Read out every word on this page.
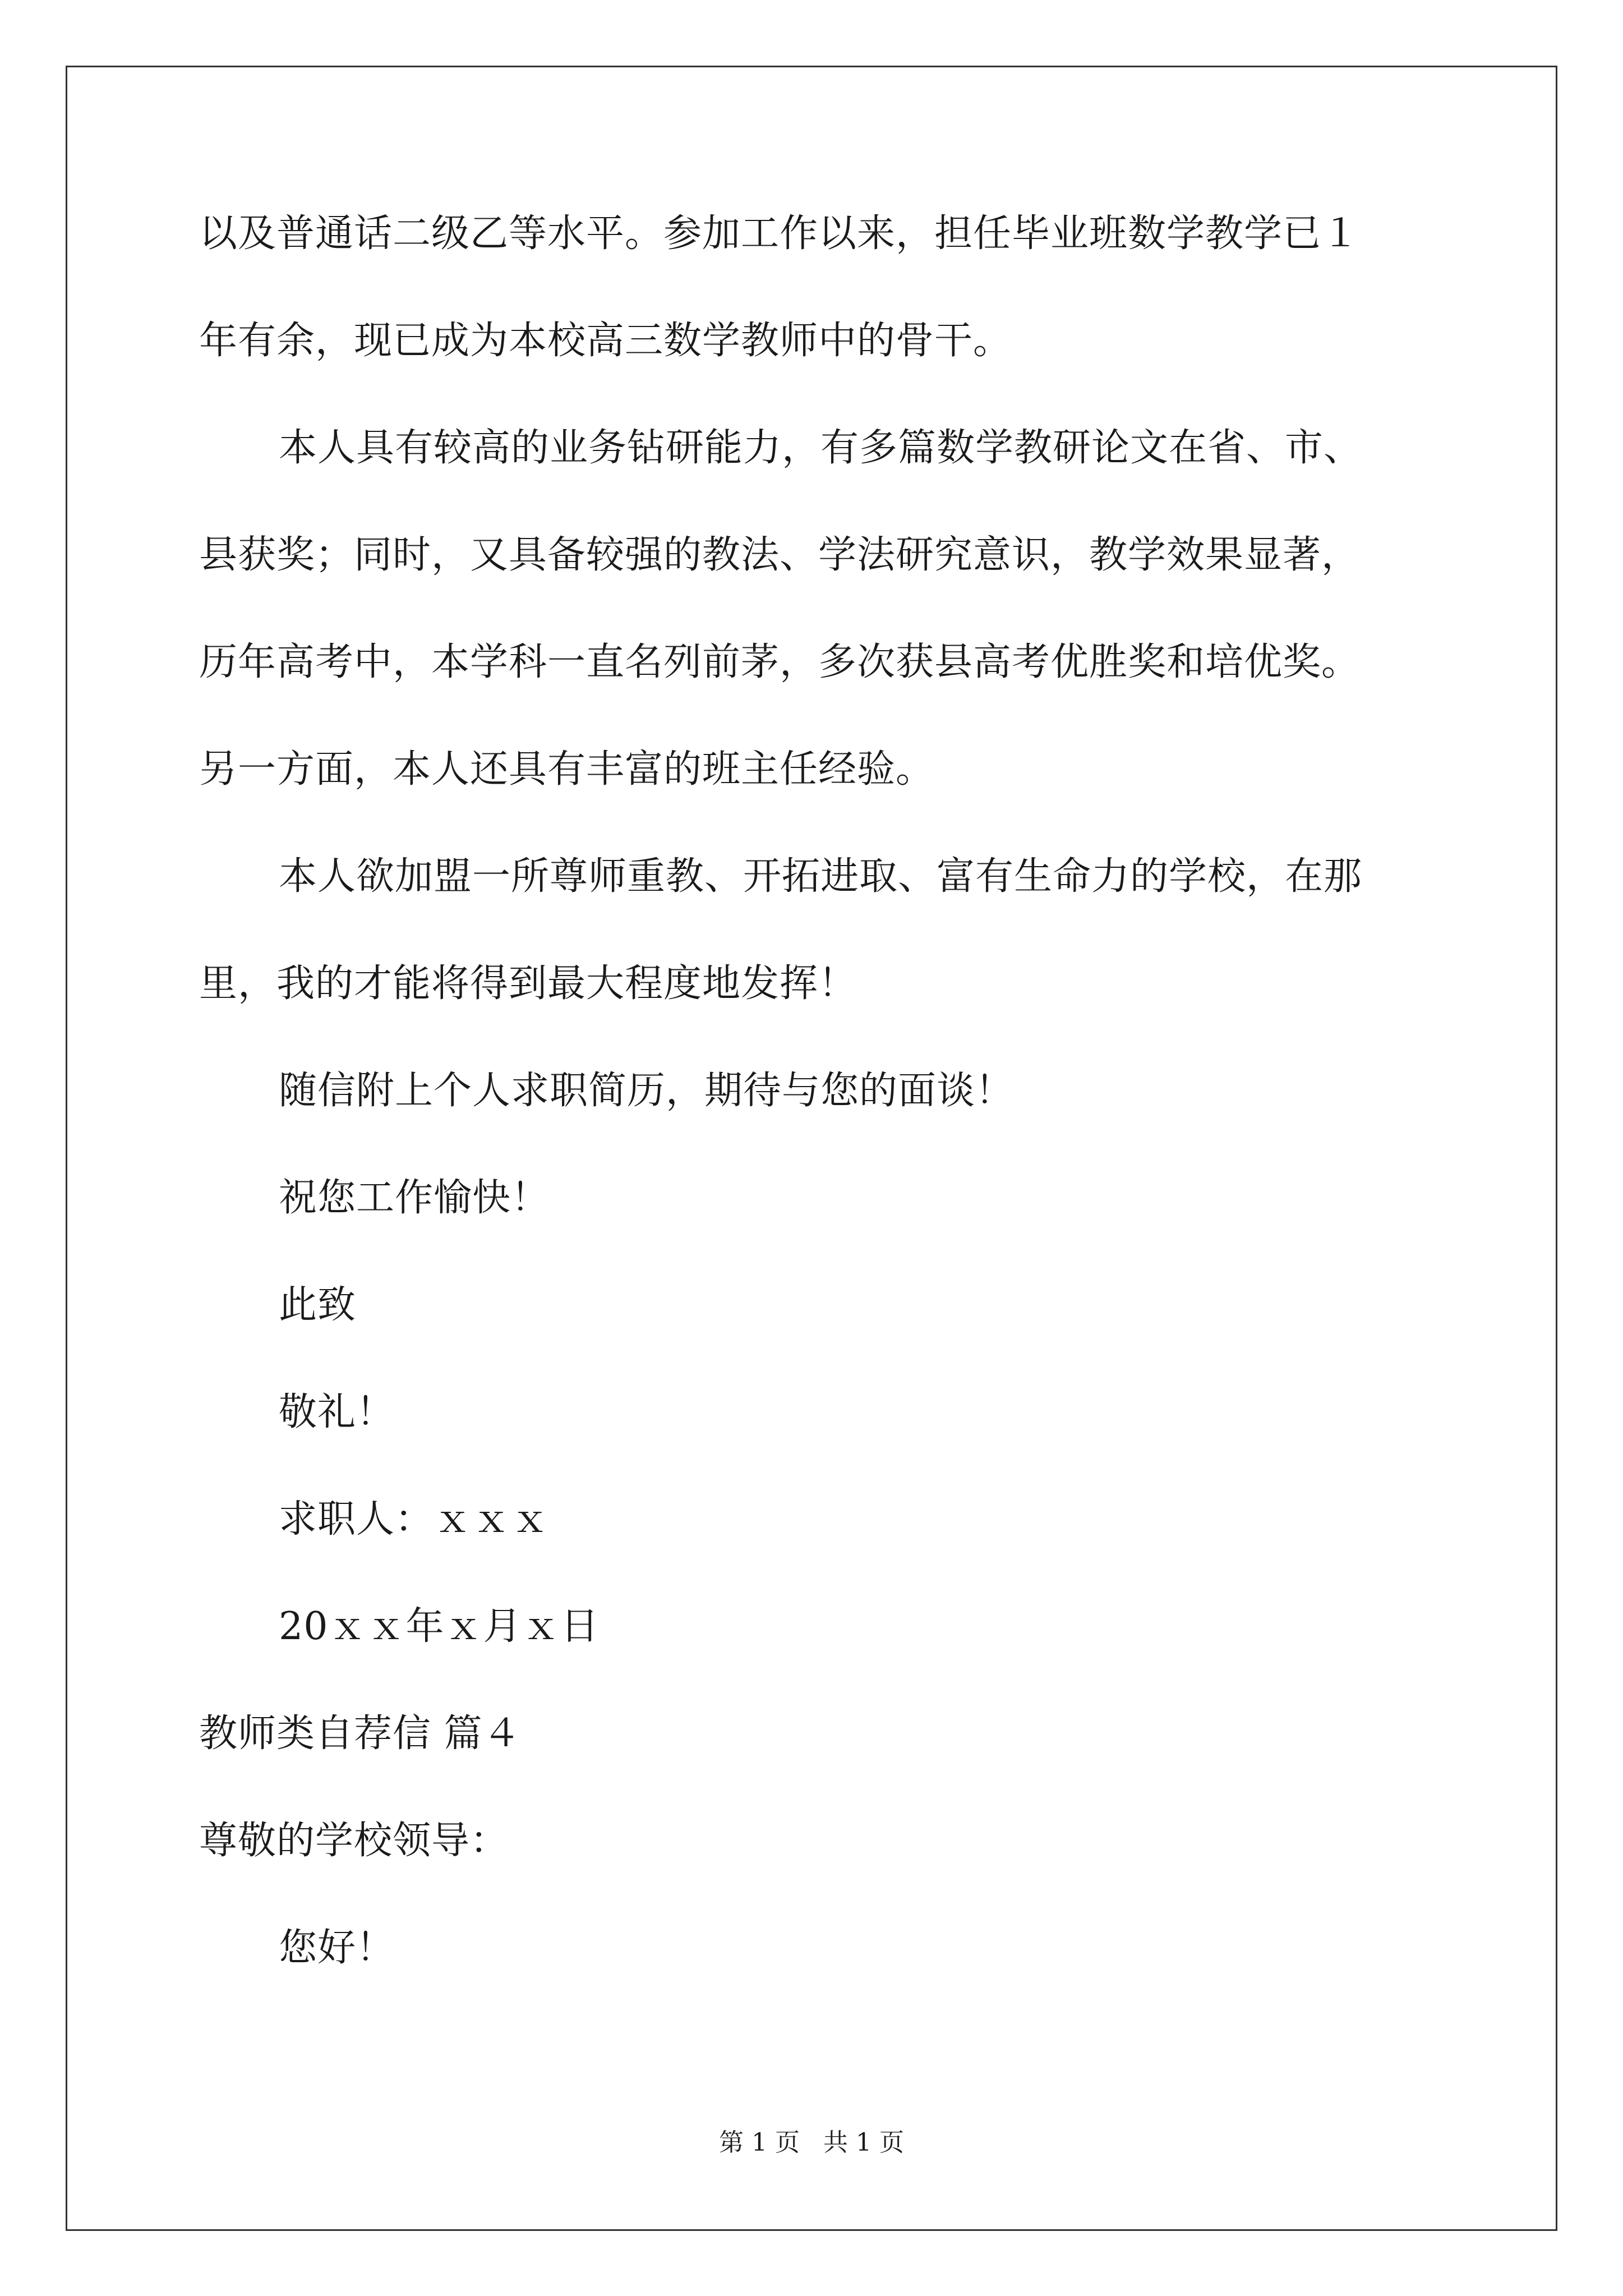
以及普通话二级乙等水平。参加工作以来，担任毕业班数学教学已１
年有余，现已成为本校高三数学教师中的骨干。
本人具有较高的业务钻研能力，有多篇数学教研论文在省、市、
县获奖；同时，又具备较强的教法、学法研究意识，教学效果显著，
历年高考中，本学科一直名列前茅，多次获县高考优胜奖和培优奖。
另一方面，本人还具有丰富的班主任经验。
本人欲加盟一所尊师重教、开拓进取、富有生命力的学校，在那
里，我的才能将得到最大程度地发挥！
随信附上个人求职简历，期待与您的面谈！
祝您工作愉快！
此致
敬礼！
求职人：ｘｘｘ
20ｘｘ年ｘ月ｘ日
教师类自荐信 篇４
尊敬的学校领导：
您好！
第 1 页   共 1 页
